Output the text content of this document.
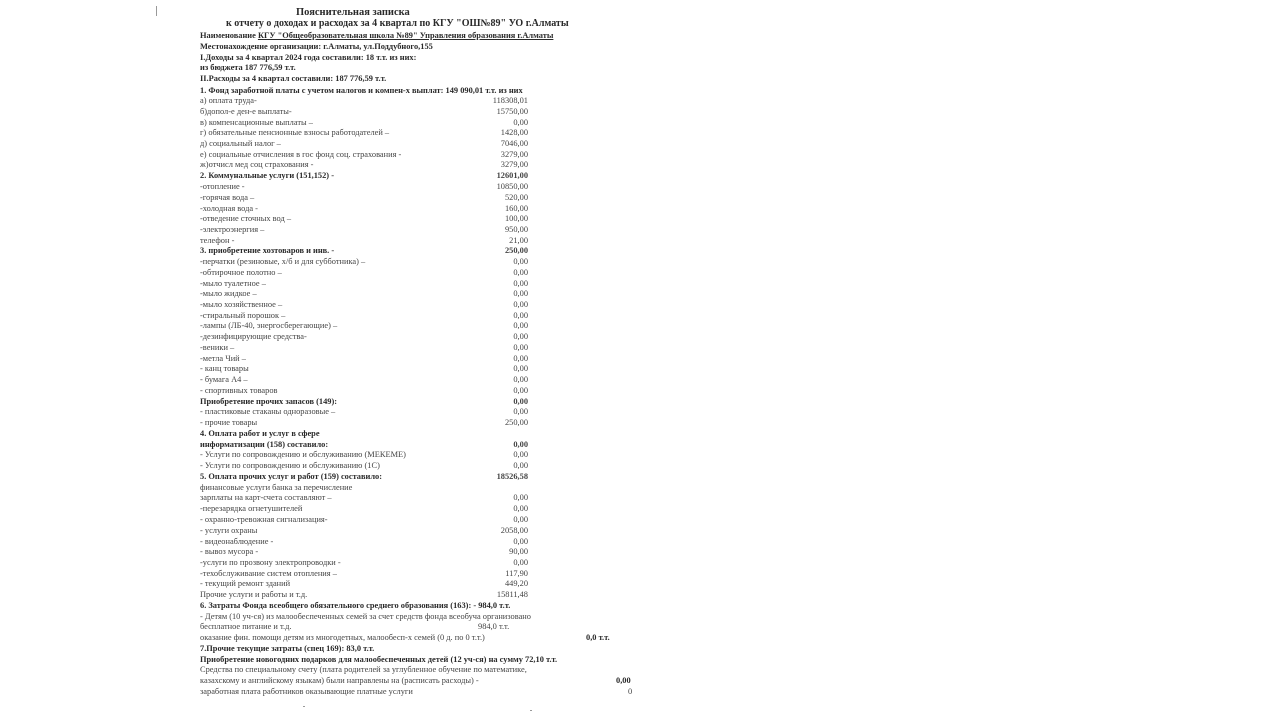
Пояснительная записка
к отчету о доходах и расходах за 4 квартал по КГУ "ОШ№89" УО г.Алматы
Наименование КГУ "Общеобразовательная школа №89" Управления образования г.Алматы
Местонахождение организации: г.Алматы, ул.Поддубного,155
I.Доходы за 4 квартал 2024 года составили: 18 т.т. из них:
из бюджета 187 776,59 т.т.
II.Расходы за 4 квартал составили: 187 776,59 т.т.
1. Фонд заработной платы с учетом налогов и компен-х выплат: 149 090,01 т.т. из них
а) оплата труда-	118308,01
б)допол-е ден-е выплаты-	15750,00
в) компенсационные выплаты –	0,00
г) обязательные пенсионные взносы работодателей –	1428,00
д) социальный налог –	7046,00
е) социальные отчисления в гос фонд соц. страхования -	3279,00
ж)отчисл мед соц страхования -	3279,00
2. Коммунальные услуги (151,152) -	12601,00
-отопление -	10850,00
-горячая вода –	520,00
-холодная вода -	160,00
-отведение сточных вод –	100,00
-электроэнергия –	950,00
телефон -	21,00
3. приобретение хозтоваров и инв. -	250,00
-перчатки (резиновые, х/б и для субботника) –	0,00
-обтирочное полотно –	0,00
-мыло туалетное –	0,00
-мыло жидкое –	0,00
-мыло хозяйственное –	0,00
-стиральный порошок –	0,00
-лампы (ЛБ-40, энергосберегающие) –	0,00
-дезинфицирующие средства-	0,00
-веники –	0,00
-метла Чий –	0,00
- канц товары	0,00
- бумага А4 –	0,00
- спортивных товаров	0,00
Приобретение прочих запасов (149):	0,00
- пластиковые стаканы одноразовые –	0,00
- прочие товары	250,00
4. Оплата работ и услуг в сфере
информатизации (158) составило:	0,00
- Услуги по сопровождению и обслуживанию (МЕКЕМЕ)	0,00
- Услуги по сопровождению и обслуживанию (1С)	0,00
5. Оплата прочих услуг и работ (159) составило:	18526,58
финансовые услуги банка за перечисление
зарплаты на карт-счета составляют –	0,00
-перезарядка огнетушителей	0,00
- охранно-тревожная сигнализация-	0,00
- услуги охраны	2058,00
- видеонаблюдение -	0,00
- вывоз мусора -	90,00
-услуги по прозвону электропроводки -	0,00
-техобслуживание систем отопления –	117,90
- текущий ремонт зданий	449,20
Прочие услуги и работы и т.д.	15811,48
6. Затраты Фонда всеобщего обязательного среднего образования (163): - 984,0 т.т.
- Детям (10 уч-ся) из малообеспеченных семей за счет средств фонда всеобуча организовано
бесплатное питание и т.д.	984,0 т.т.
оказание фин. помощи детям из многодетных, малообесп-х семей (0 д. по 0 т.т.)	0,0 т.т.
7.Прочие текущие затраты (спец 169): 83,0 т.т.
Приобретение новогодних подарков для малообеспеченных детей (12 уч-ся) на сумму 72,10 т.т.
Средства по специальному счету (плата родителей за углубленное обучение по математике,
казахскому и английскому языкам) были направлены на (расписать расходы) -	0,00
заработная плата работников оказывающие платные услуги	0
